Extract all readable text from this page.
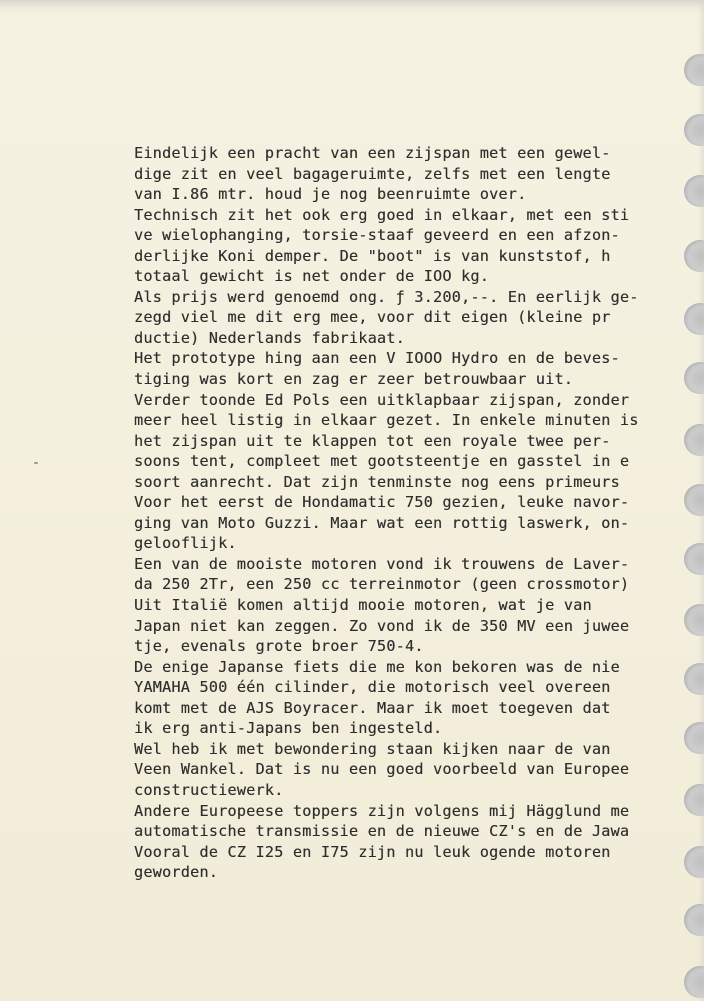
Eindelijk een pracht van een zijspan met een gewel-
dige zit en veel bagageruimte, zelfs met een lengte
van I.86 mtr. houd je nog beenruimte over.
Technisch zit het ook erg goed in elkaar, met een sti
ve wielophanging, torsie-staaf geveerd en een afzon-
derlijke Koni demper. De "boot" is van kunststof, h
totaal gewicht is net onder de IOO kg.
Als prijs werd genoemd ong. ƒ 3.200,--. En eerlijk ge-
zegd viel me dit erg mee, voor dit eigen (kleine pr
ductie) Nederlands fabrikaat.
Het prototype hing aan een V IOOO Hydro en de beves-
tiging was kort en zag er zeer betrouwbaar uit.
Verder toonde Ed Pols een uitklapbaar zijspan, zonder
meer heel listig in elkaar gezet. In enkele minuten is
het zijspan uit te klappen tot een royale twee per-
soons tent, compleet met gootsteentje en gasstel in e
soort aanrecht. Dat zijn tenminste nog eens primeurs
Voor het eerst de Hondamatic 750 gezien, leuke navor-
ging van Moto Guzzi. Maar wat een rottig laswerk, on-
gelooflijk.
Een van de mooiste motoren vond ik trouwens de Laver-
da 250 2Tr, een 250 cc terreinmotor (geen crossmotor)
Uit Italië komen altijd mooie motoren, wat je van
Japan niet kan zeggen. Zo vond ik de 350 MV een juwee
tje, evenals grote broer 750-4.
De enige Japanse fiets die me kon bekoren was de nie
YAMAHA 500 één cilinder, die motorisch veel overeen
komt met de AJS Boyracer. Maar ik moet toegeven dat
ik erg anti-Japans ben ingesteld.
Wel heb ik met bewondering staan kijken naar de van
Veen Wankel. Dat is nu een goed voorbeeld van Europee
constructiewerk.
Andere Europeese toppers zijn volgens mij Hägglund me
automatische transmissie en de nieuwe CZ's en de Jawa
Vooral de CZ I25 en I75 zijn nu leuk ogende motoren
geworden.
